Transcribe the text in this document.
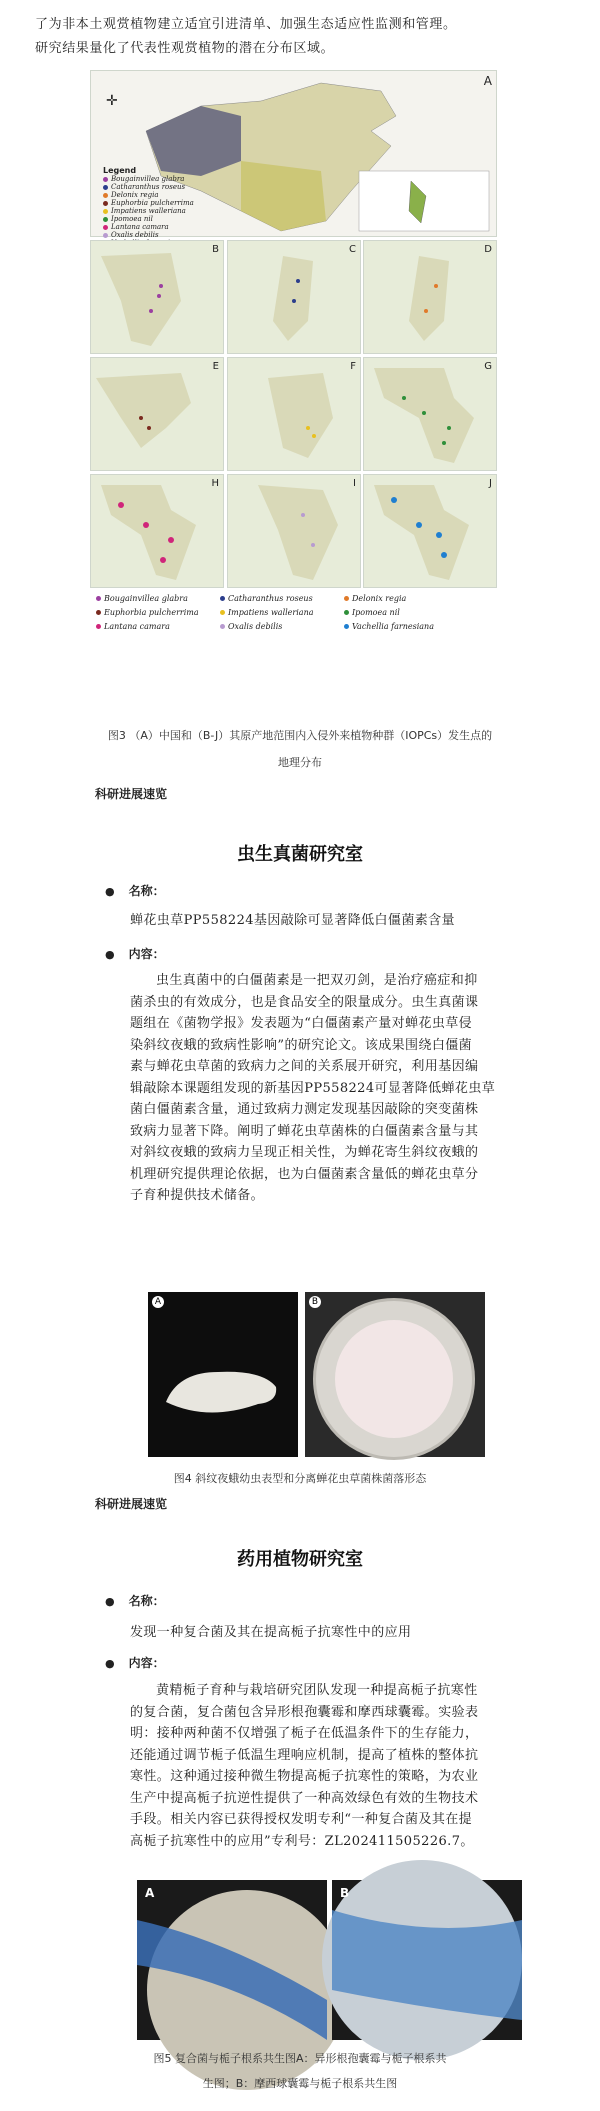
了为非本土观赏植物建立适宜引进清单、加强生态适应性监测和管理。
研究结果量化了代表性观赏植物的潜在分布区域。
A
✛
Legend
Bougainvillea glabra
Catharanthus roseus
Delonix regia
Euphorbia pulcherrima
Impatiens walleriana
Ipomoea nil
Lantana camara
Oxalis debilis
B	C	D
E	F	G
H	I	J
Bougainvillea glabra	Catharanthus roseus	Delonix regia
Euphorbia pulcherrima	Impatiens walleriana	Ipomoea nil
Lantana camara	Oxalis debilis	Vachellia farnesiana
图3 （A）中国和（B-J）其原产地范围内入侵外来植物种群（IOPCs）发生点的
地理分布
科研进展速览
虫生真菌研究室
● 名称：
蝉花虫草PP558224基因敲除可显著降低白僵菌素含量
● 内容：
虫生真菌中的白僵菌素是一把双刃剑，是治疗癌症和抑
菌杀虫的有效成分，也是食品安全的限量成分。虫生真菌课
题组在《菌物学报》发表题为“白僵菌素产量对蝉花虫草侵
染斜纹夜蛾的致病性影响”的研究论文。该成果围绕白僵菌
素与蝉花虫草菌的致病力之间的关系展开研究，利用基因编
辑敲除本课题组发现的新基因PP558224可显著降低蝉花虫草
菌白僵菌素含量，通过致病力测定发现基因敲除的突变菌株
致病力显著下降。阐明了蝉花虫草菌株的白僵菌素含量与其
对斜纹夜蛾的致病力呈现正相关性，为蝉花寄生斜纹夜蛾的
机理研究提供理论依据，也为白僵菌素含量低的蝉花虫草分
子育种提供技术储备。
A	B
图4 斜纹夜蛾幼虫表型和分离蝉花虫草菌株菌落形态
科研进展速览
药用植物研究室
● 名称：
发现一种复合菌及其在提高栀子抗寒性中的应用
● 内容：
黄精栀子育种与栽培研究团队发现一种提高栀子抗寒性
的复合菌，复合菌包含异形根孢囊霉和摩西球囊霉。实验表
明：接种两种菌不仅增强了栀子在低温条件下的生存能力，
还能通过调节栀子低温生理响应机制，提高了植株的整体抗
寒性。这种通过接种微生物提高栀子抗寒性的策略，为农业
生产中提高栀子抗逆性提供了一种高效绿色有效的生物技术
手段。相关内容已获得授权发明专利“一种复合菌及其在提
高栀子抗寒性中的应用”专利号：ZL202411505226.7。
A	B
图5 复合菌与栀子根系共生图A：异形根孢囊霉与栀子根系共
生图；B：摩西球囊霉与栀子根系共生图
